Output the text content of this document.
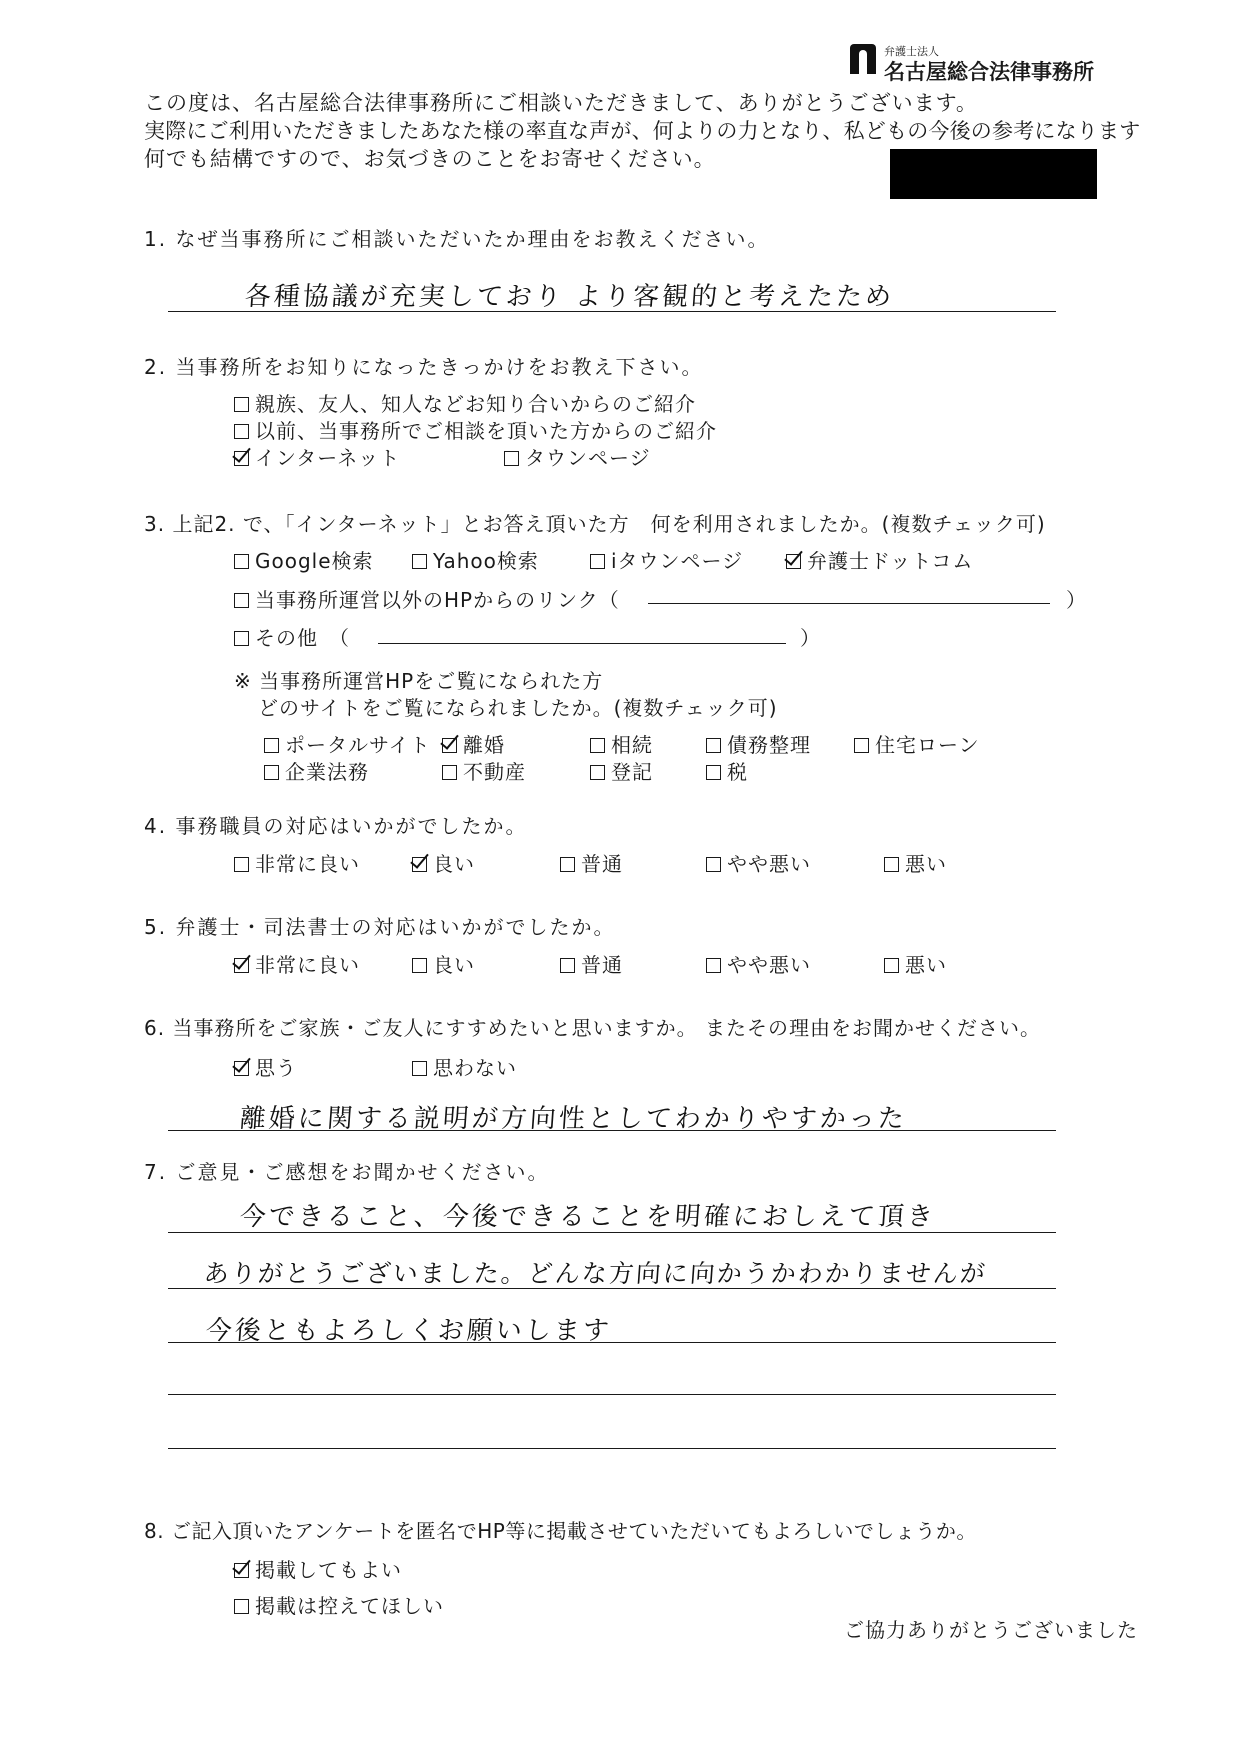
弁護士法人
名古屋総合法律事務所
この度は、名古屋総合法律事務所にご相談いただきまして、ありがとうございます。
実際にご利用いただきましたあなた様の率直な声が、何よりの力となり、私どもの今後の参考になります
何でも結構ですので、お気づきのことをお寄せください。
1. なぜ当事務所にご相談いただいたか理由をお教えください。
各種協議が充実しており より客観的と考えたため
2. 当事務所をお知りになったきっかけをお教え下さい。
親族、友人、知人などお知り合いからのご紹介
以前、当事務所でご相談を頂いた方からのご紹介
インターネット	タウンページ
3. 上記2. で、「インターネット」とお答え頂いた方　何を利用されましたか。(複数チェック可)
Google検索	Yahoo検索	iタウンページ	弁護士ドットコム
当事務所運営以外のHPからのリンク（	）
その他　（	）
※ 当事務所運営HPをご覧になられた方
どのサイトをご覧になられましたか。(複数チェック可)
ポータルサイト	離婚	相続	債務整理	住宅ローン
企業法務	不動産	登記	税
4. 事務職員の対応はいかがでしたか。
非常に良い	良い	普通	やや悪い	悪い
5. 弁護士・司法書士の対応はいかがでしたか。
非常に良い	良い	普通	やや悪い	悪い
6. 当事務所をご家族・ご友人にすすめたいと思いますか。 またその理由をお聞かせください。
思う	思わない
離婚に関する説明が方向性としてわかりやすかった
7. ご意見・ご感想をお聞かせください。
今できること、今後できることを明確におしえて頂き
ありがとうございました。どんな方向に向かうかわかりませんが
今後ともよろしくお願いします
8. ご記入頂いたアンケートを匿名でHP等に掲載させていただいてもよろしいでしょうか。
掲載してもよい
掲載は控えてほしい
ご協力ありがとうございました
